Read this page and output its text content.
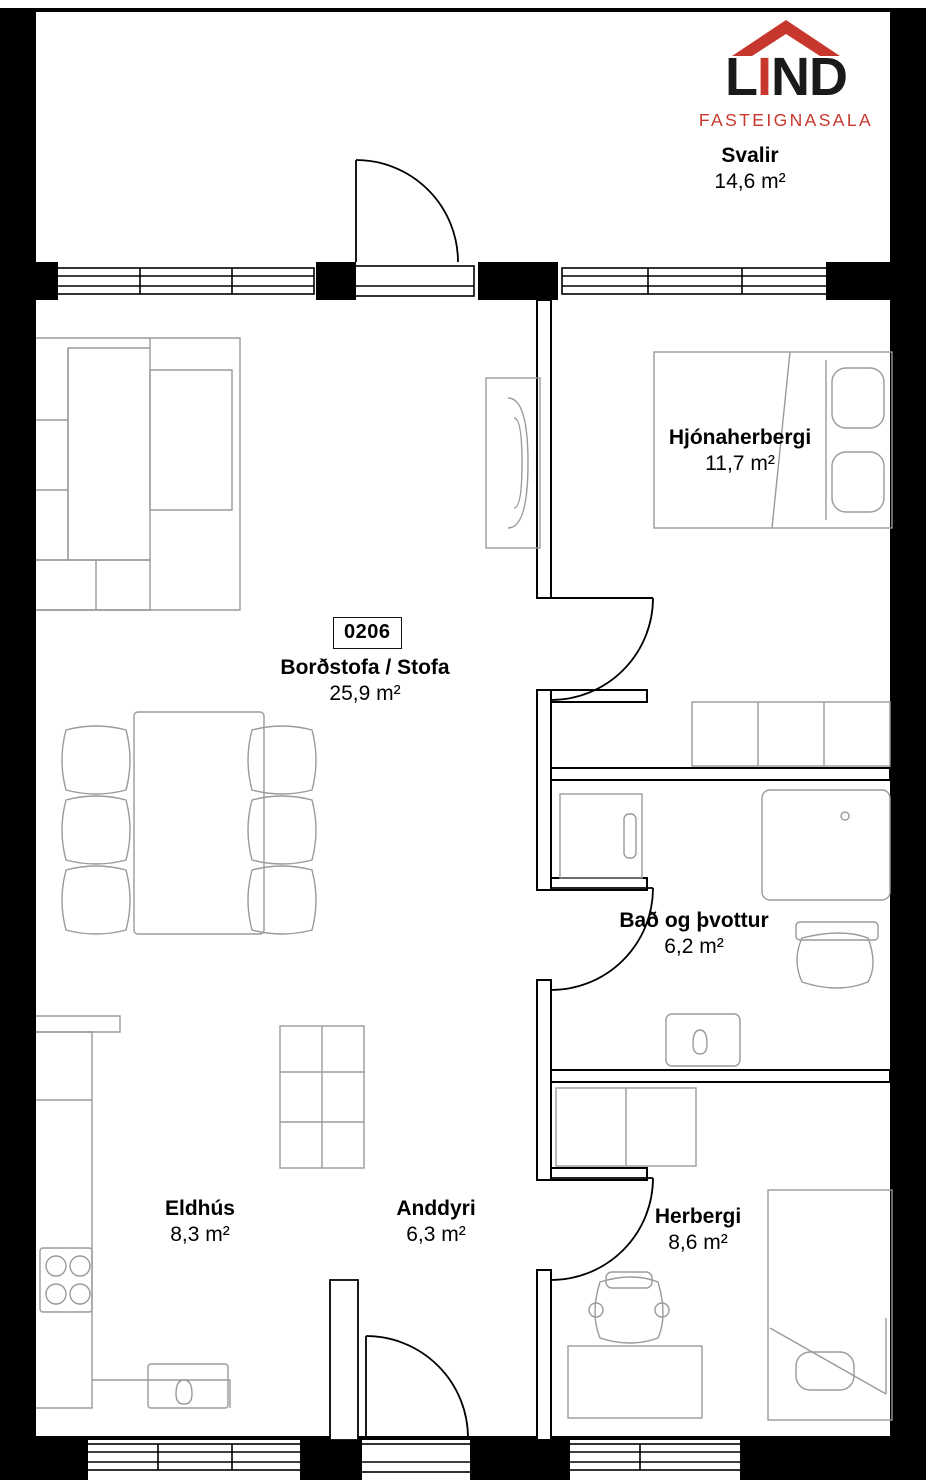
LIND
FASTEIGNASALA
Svalir
14,6 m²
Hjónaherbergi
11,7 m²
0206
Borðstofa / Stofa
25,9 m²
Bað og þvottur
6,2 m²
Eldhús
8,3 m²
Anddyri
6,3 m²
Herbergi
8,6 m²
